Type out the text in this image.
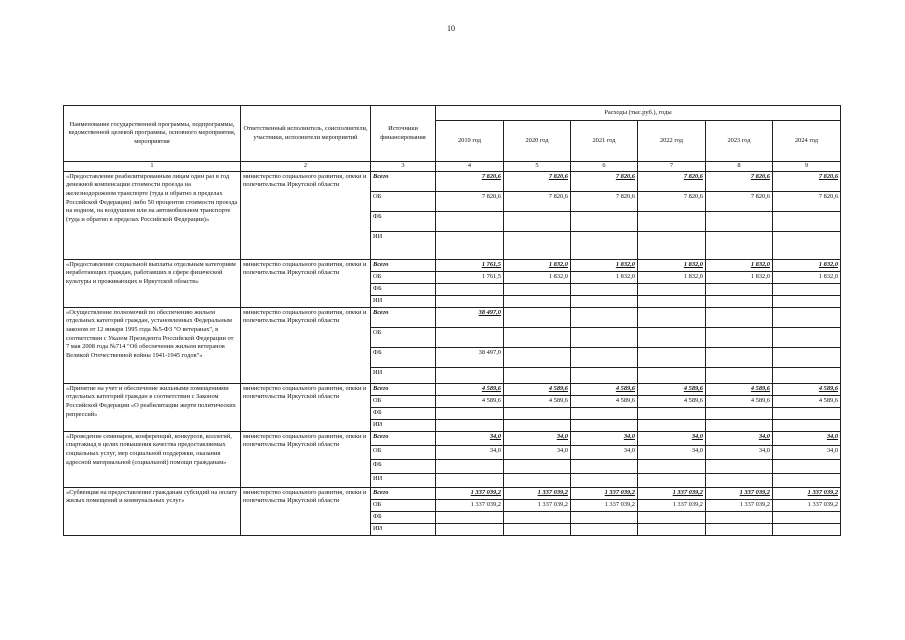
10
Наименование государственной программы, подпрограммы, ведомственной целевой программы, основного мероприятия, мероприятия	Ответственный исполнитель, соисполнители, участники, исполнители мероприятий	Источники финансирования	Расходы (тыс.руб.), годы					
			2019 год	2020 год	2021 год	2022 год	2023 год	2024 год
1	2	3	4	5	6	7	8	9
«Предоставление реабилитированным лицам один раз в год денежной компенсации стоимости проезда на железнодорожном транспорте (туда и обратно в пределах Российской Федерации) либо 50 процентов стоимости проезда на водном, на воздушном или на автомобильном транспорте (туда и обратно в пределах Российской Федерации)»	министерство социального развития, опеки и попечительства Иркутской области	Всего	7 820,6	7 820,6	7 820,6	7 820,6	7 820,6	7 820,6
		ОБ	7 820,6	7 820,6	7 820,6	7 820,6	7 820,6	7 820,6
		ФБ						
		ИИ						
«Предоставление социальной выплаты отдельным категориям неработающих граждан, работавших в сфере физической культуры и проживающих в Иркутской области»	министерство социального развития, опеки и попечительства Иркутской области	Всего	1 761,5	1 832,0	1 832,0	1 832,0	1 832,0	1 832,0
		ОБ	1 761,5	1 832,0	1 832,0	1 832,0	1 832,0	1 832,0
		ФБ						
		ИИ						
«Осуществление полномочий по обеспечению жильем отдельных категорий граждан, установленных Федеральным законом от 12 января 1995 года №5-ФЗ "О ветеранах", в соответствии с Указом Президента Российской Федерации от 7 мая 2008 года №714 "Об обеспечении жильем ветеранов Великой Отечественной войны 1941-1945 годов"»	министерство социального развития, опеки и попечительства Иркутской области	Всего	38 497,0					
		ОБ						
		ФБ	38 497,0					
		ИИ						
«Принятие на учет и обеспечение жильными помещениями отдельных категорий граждан в соответствии с Законом Российской Федерации «О реабилитации жертв политических репрессий»	министерство социального развития, опеки и попечительства Иркутской области	Всего	4 589,6	4 589,6	4 589,6	4 589,6	4 589,6	4 589,6
		ОБ	4 589,6	4 589,6	4 589,6	4 589,6	4 589,6	4 589,6
		ФБ						
		ИИ						
«Проведение семинаров, конференций, конкурсов, коллегий, спартакиад в целях повышения качества предоставляемых социальных услуг, мер социальной поддержки, оказания адресной материальной (социальной) помощи гражданам»	министерство социального развития, опеки и попечительства Иркутской области	Всего	34,0	34,0	34,0	34,0	34,0	34,0
		ОБ	34,0	34,0	34,0	34,0	34,0	34,0
		ФБ						
		ИИ						
«Субвенция на предоставление гражданам субсидий на оплату жилых помещений и коммунальных услуг»	министерство социального развития, опеки и попечительства Иркутской области	Всего	1 337 039,2	1 337 039,2	1 337 039,2	1 337 039,2	1 337 039,2	1 337 039,2
		ОБ	1 337 039,2	1 337 039,2	1 337 039,2	1 337 039,2	1 337 039,2	1 337 039,2
		ФБ						
		ИИ						
